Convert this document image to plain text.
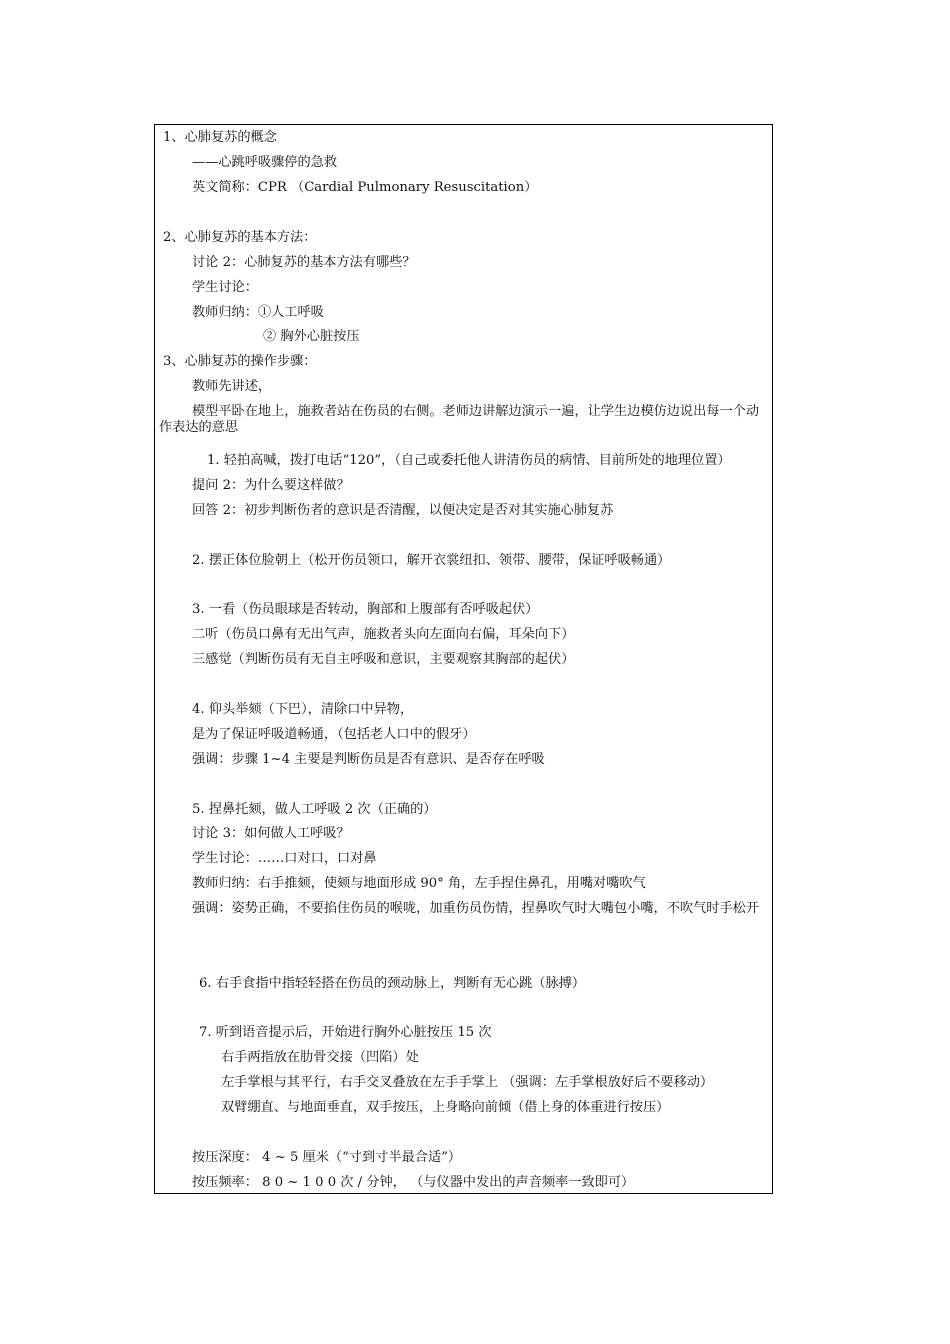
1、心肺复苏的概念
——心跳呼吸骤停的急救
英文简称：CPR （Cardial Pulmonary Resuscitation）
2、心肺复苏的基本方法：
讨论 2：心肺复苏的基本方法有哪些？
学生讨论：
教师归纳：①人工呼吸
② 胸外心脏按压
3、心肺复苏的操作步骤：
教师先讲述，
模型平卧在地上，施救者站在伤员的右侧。老师边讲解边演示一遍，让学生边模仿边说出每一个动作表达的意思
1. 轻拍高喊，拨打电话“120”，（自己或委托他人讲清伤员的病情、目前所处的地理位置）
提问 2：为什么要这样做？
回答 2：初步判断伤者的意识是否清醒，以便决定是否对其实施心肺复苏
2. 摆正体位脸朝上（松开伤员领口，解开衣裳纽扣、领带、腰带，保证呼吸畅通）
3. 一看（伤员眼球是否转动，胸部和上腹部有否呼吸起伏）
二听（伤员口鼻有无出气声，施救者头向左面向右偏，耳朵向下）
三感觉（判断伤员有无自主呼吸和意识，主要观察其胸部的起伏）
4. 仰头举颏（下巴），清除口中异物，
是为了保证呼吸道畅通，（包括老人口中的假牙）
强调：步骤 1~4 主要是判断伤员是否有意识、是否存在呼吸
5. 捏鼻托颏，做人工呼吸 2 次（正确的）
讨论 3：如何做人工呼吸？
学生讨论：……口对口，口对鼻
教师归纳：右手推颏，使颏与地面形成 90° 角，左手捏住鼻孔，用嘴对嘴吹气
强调：姿势正确，不要掐住伤员的喉咙，加重伤员伤情，捏鼻吹气时大嘴包小嘴，不吹气时手松开
6. 右手食指中指轻轻搭在伤员的颈动脉上，判断有无心跳（脉搏）
7. 听到语音提示后，开始进行胸外心脏按压 15 次
右手两指放在肋骨交接（凹陷）处
左手掌根与其平行，右手交叉叠放在左手手掌上 （强调：左手掌根放好后不要移动）
双臂绷直、与地面垂直，双手按压，上身略向前倾（借上身的体重进行按压）
按压深度： 4 ~ 5 厘米（“寸到寸半最合适”）
按压频率： 8 0 ~ 1 0 0 次 / 分钟， （与仪器中发出的声音频率一致即可）
